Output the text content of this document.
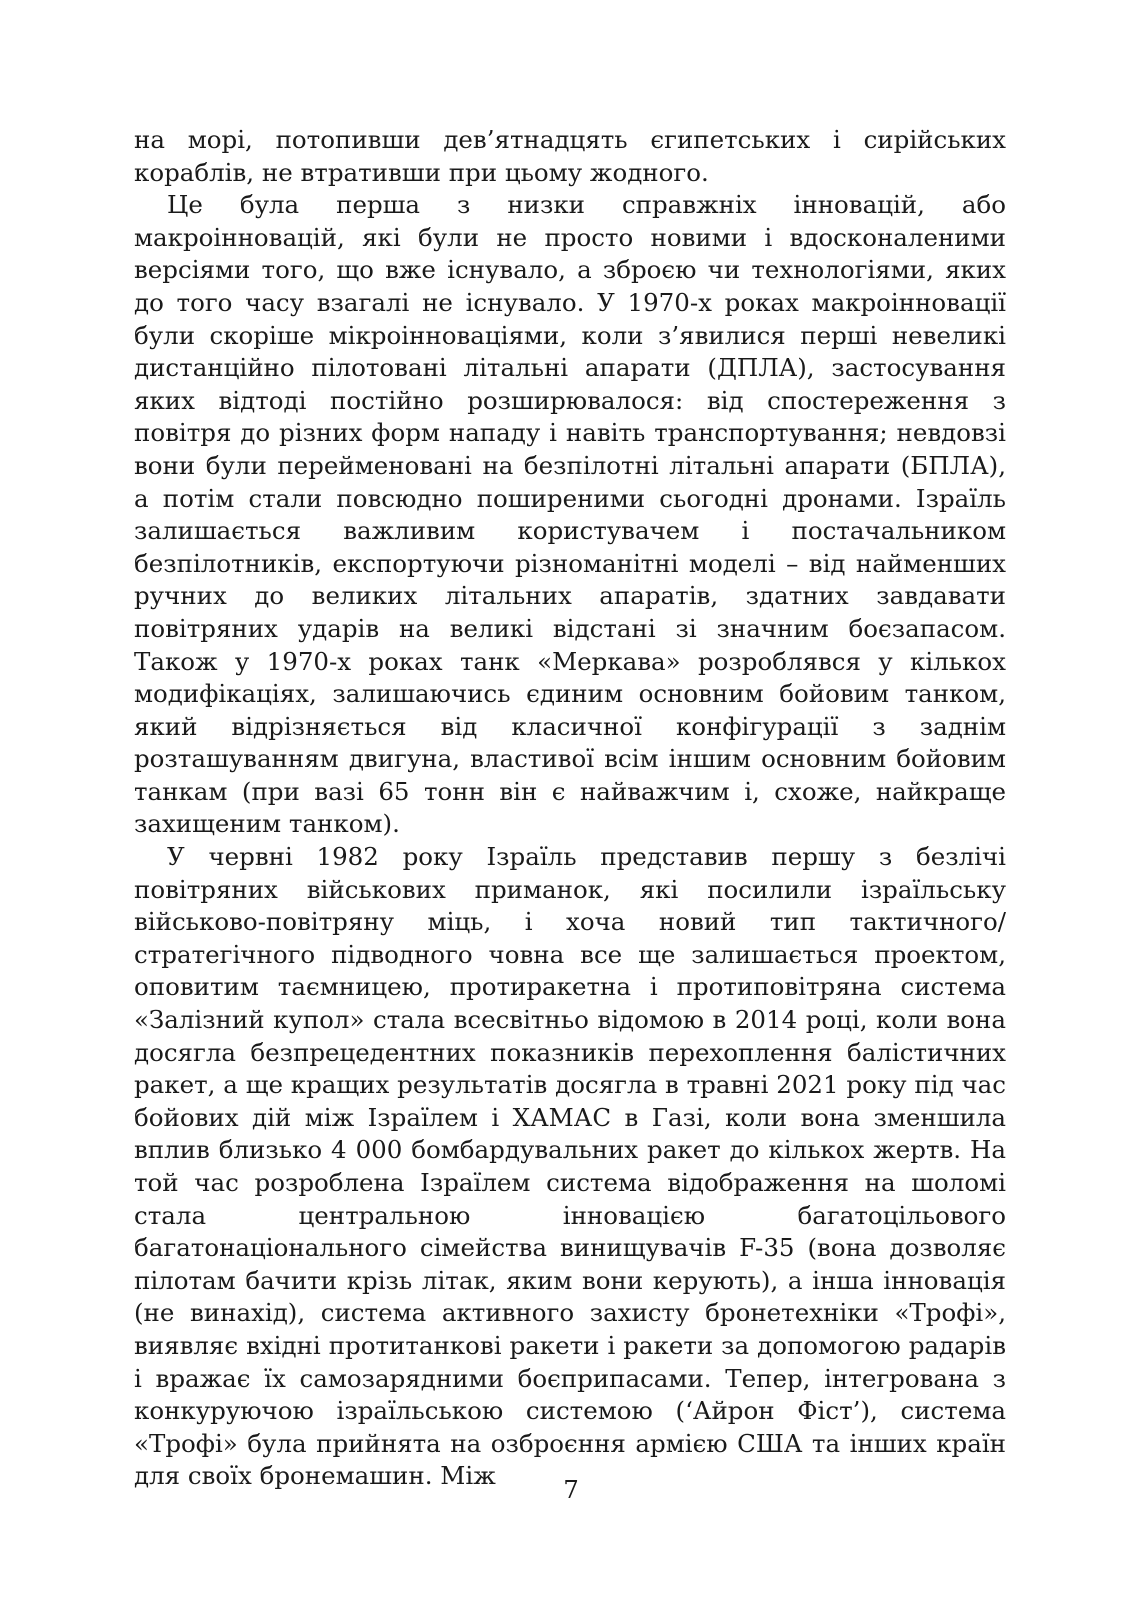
на морі, потопивши дев’ятнадцять єгипетських і сирійських кораблів, не втративши при цьому жодного.

Це була перша з низки справжніх інновацій, або макроінновацій, які були не просто новими і вдосконаленими версіями того, що вже існувало, а зброєю чи технологіями, яких до того часу взагалі не існувало. У 1970-х роках макроінновації були скоріше мікроінноваціями, коли з’явилися перші невеликі дистанційно пілотовані літальні апарати (ДПЛА), застосування яких відтоді постійно розширювалося: від спостереження з повітря до різних форм нападу і навіть транспортування; невдовзі вони були перейменовані на безпілотні літальні апарати (БПЛА), а потім стали повсюдно поширеними сьогодні дронами. Ізраїль залишається важливим користувачем і постачальником безпілотників, експортуючи різноманітні моделі – від найменших ручних до великих літальних апаратів, здатних завдавати повітряних ударів на великі відстані зі значним боєзапасом. Також у 1970-х роках танк «Меркава» розроблявся у кількох модифікаціях, залишаючись єдиним основним бойовим танком, який відрізняється від класичної конфігурації з заднім розташуванням двигуна, властивої всім іншим основним бойовим танкам (при вазі 65 тонн він є найважчим і, схоже, найкраще захищеним танком).

У червні 1982 року Ізраїль представив першу з безлічі повітряних військових приманок, які посилили ізраїльську військово-повітряну міць, і хоча новий тип тактичного/стратегічного підводного човна все ще залишається проектом, оповитим таємницею, протиракетна і протиповітряна система «Залізний купол» стала всесвітньо відомою в 2014 році, коли вона досягла безпрецедентних показників перехоплення балістичних ракет, а ще кращих результатів досягла в травні 2021 року під час бойових дій між Ізраїлем і ХАМАС в Газі, коли вона зменшила вплив близько 4 000 бомбардувальних ракет до кількох жертв. На той час розроблена Ізраїлем система відображення на шоломі стала центральною інновацією багатоцільового багатонаціонального сімейства винищувачів F-35 (вона дозволяє пілотам бачити крізь літак, яким вони керують), а інша інновація (не винахід), система активного захисту бронетехніки «Трофі», виявляє вхідні протитанкові ракети і ракети за допомогою радарів і вражає їх самозарядними боєприпасами. Тепер, інтегрована з конкуруючою ізраїльською системою (‘Айрон Фіст’), система «Трофі» була прийнята на озброєння армією США та інших країн для своїх бронемашин. Між	7
